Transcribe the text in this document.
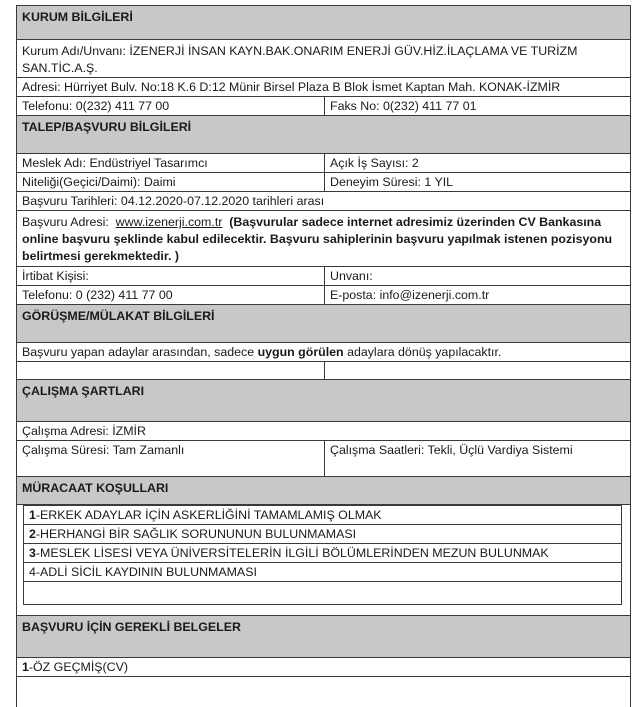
KURUM BİLGİLERİ
Kurum Adı/Unvanı: İZENERJİ İNSAN KAYN.BAK.ONARIM ENERJİ GÜV.HİZ.İLAÇLAMA VE TURİZM
SAN.TİC.A.Ş.
Adresi: Hürriyet Bulv. No:18 K.6 D:12 Münir Birsel Plaza B Blok İsmet Kaptan Mah. KONAK-İZMİR
Telefonu: 0(232) 411 77 00	Faks No: 0(232) 411 77 01
TALEP/BAŞVURU BİLGİLERİ
Meslek Adı: Endüstriyel Tasarımcı	Açık İş Sayısı: 2
Niteliği(Geçici/Daimi): Daimi	Deneyim Süresi: 1 YIL
Başvuru Tarihleri: 04.12.2020-07.12.2020 tarihleri arası
Başvuru Adresi:  www.izenerji.com.tr  (Başvurular sadece internet adresimiz üzerinden CV Bankasına online başvuru şeklinde kabul edilecektir. Başvuru sahiplerinin başvuru yapılmak istenen pozisyonu belirtmesi gerekmektedir. )
İrtibat Kişisi:	Unvanı:
Telefonu: 0 (232) 411 77 00	E-posta: info@izenerji.com.tr
GÖRÜŞME/MÜLAKAT BİLGİLERİ
Başvuru yapan adaylar arasından, sadece uygun görülen adaylara dönüş yapılacaktır.
ÇALIŞMA ŞARTLARI
Çalışma Adresi: İZMİR
Çalışma Süresi: Tam Zamanlı	Çalışma Saatleri: Tekli, Üçlü Vardiya Sistemi
MÜRACAAT KOŞULLARI
1-ERKEK ADAYLAR İÇİN ASKERLİĞİNİ TAMAMLAMIŞ OLMAK
2-HERHANGİ BİR SAĞLIK SORUNUNUN BULUNMAMASI
3-MESLEK LİSESİ VEYA ÜNİVERSİTELERİN İLGİLİ BÖLÜMLERİNDEN MEZUN BULUNMAK
4-ADLİ SİCİL KAYDININ BULUNMAMASI
BAŞVURU İÇİN GEREKLİ BELGELER
1-ÖZ GEÇMİŞ(CV)
